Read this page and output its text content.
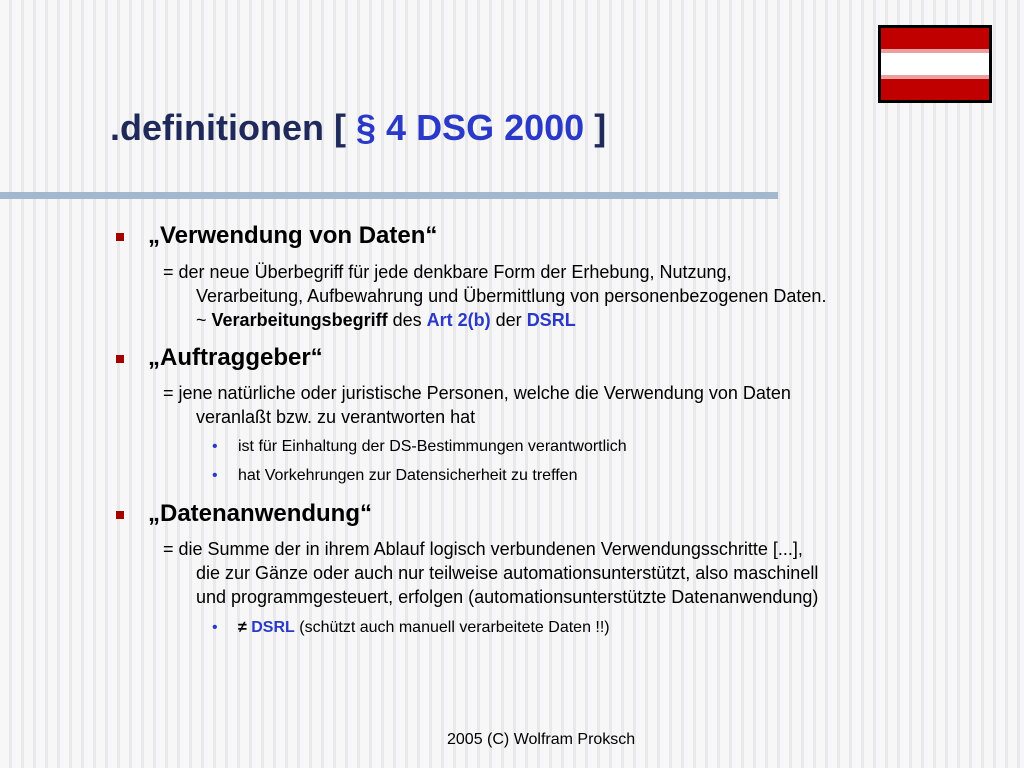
.definitionen [ § 4 DSG 2000 ]
„Verwendung von Daten“
= der neue Überbegriff für jede denkbare Form der Erhebung, Nutzung,
Verarbeitung, Aufbewahrung und Übermittlung von personenbezogenen Daten.
~ Verarbeitungsbegriff des Art 2(b) der DSRL
„Auftraggeber“
= jene natürliche oder juristische Personen, welche die Verwendung von Daten
veranlaßt bzw. zu verantworten hat
• ist für Einhaltung der DS-Bestimmungen verantwortlich
• hat Vorkehrungen zur Datensicherheit zu treffen
„Datenanwendung“
= die Summe der in ihrem Ablauf logisch verbundenen Verwendungsschritte [...],
die zur Gänze oder auch nur teilweise automationsunterstützt, also maschinell
und programmgesteuert, erfolgen (automationsunterstützte Datenanwendung)
• ≠ DSRL (schützt auch manuell verarbeitete Daten !!)
2005 (C) Wolfram Proksch
